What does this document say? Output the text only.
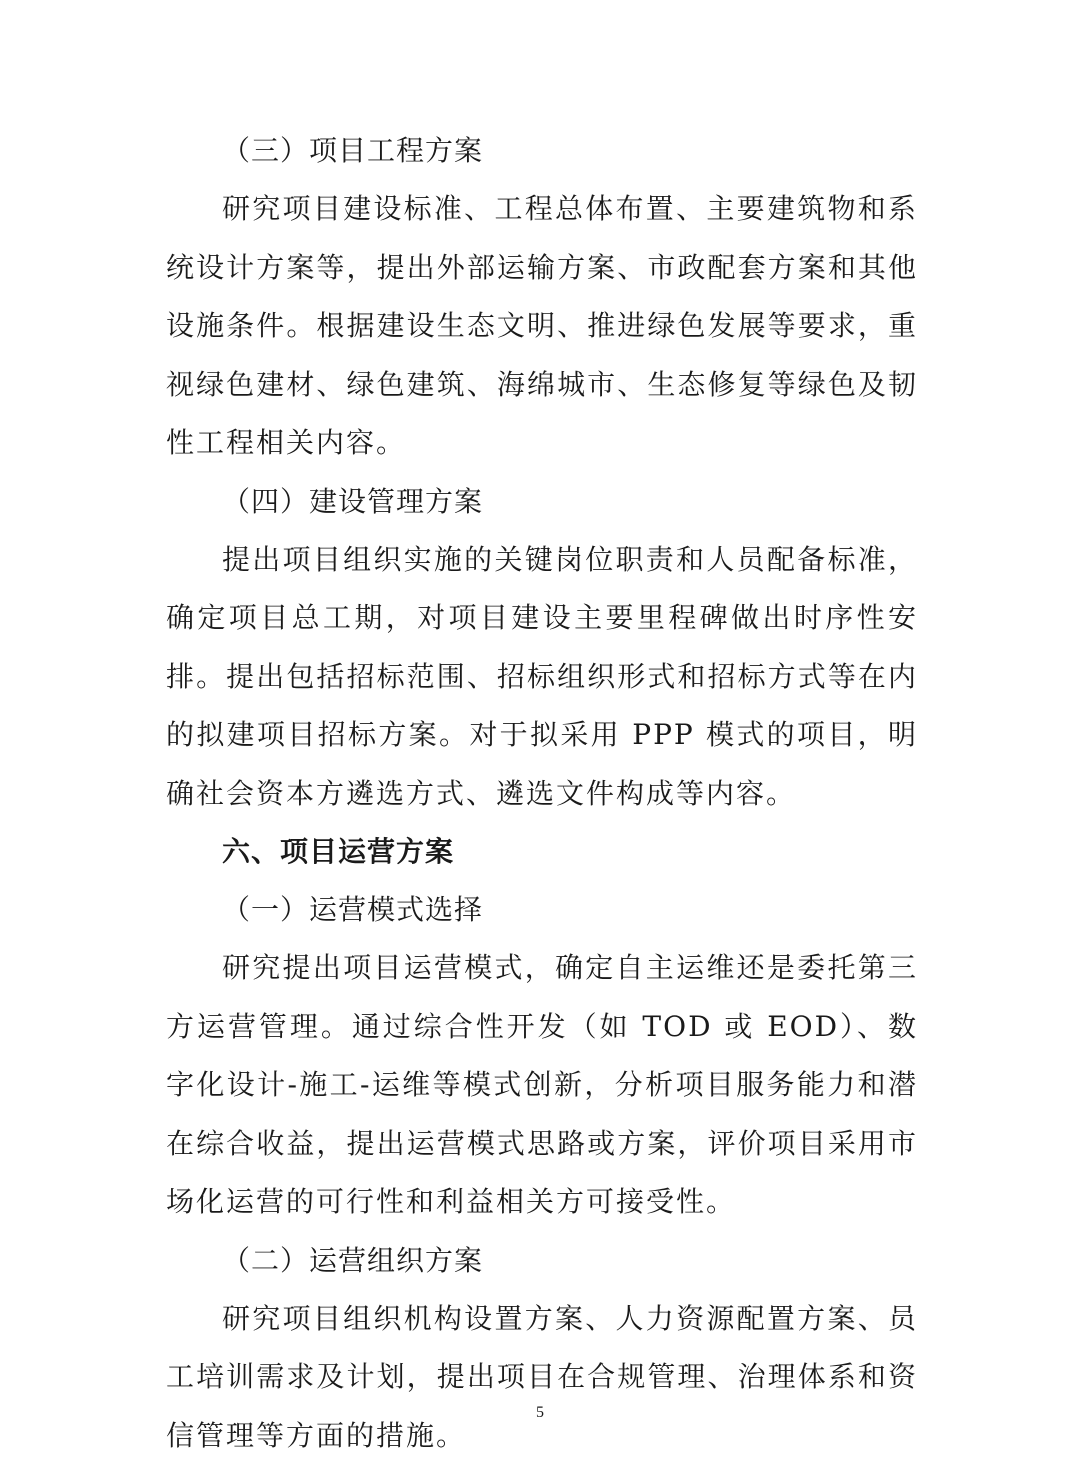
（三）项目工程方案

研究项目建设标准、工程总体布置、主要建筑物和系统设计方案等，提出外部运输方案、市政配套方案和其他设施条件。根据建设生态文明、推进绿色发展等要求，重视绿色建材、绿色建筑、海绵城市、生态修复等绿色及韧性工程相关内容。

（四）建设管理方案

提出项目组织实施的关键岗位职责和人员配备标准，确定项目总工期，对项目建设主要里程碑做出时序性安排。提出包括招标范围、招标组织形式和招标方式等在内的拟建项目招标方案。对于拟采用 PPP 模式的项目，明确社会资本方遴选方式、遴选文件构成等内容。

六、项目运营方案

（一）运营模式选择

研究提出项目运营模式，确定自主运维还是委托第三方运营管理。通过综合性开发（如 TOD 或 EOD）、数字化设计-施工-运维等模式创新，分析项目服务能力和潜在综合收益，提出运营模式思路或方案，评价项目采用市场化运营的可行性和利益相关方可接受性。

（二）运营组织方案

研究项目组织机构设置方案、人力资源配置方案、员工培训需求及计划，提出项目在合规管理、治理体系和资信管理等方面的措施。

5
